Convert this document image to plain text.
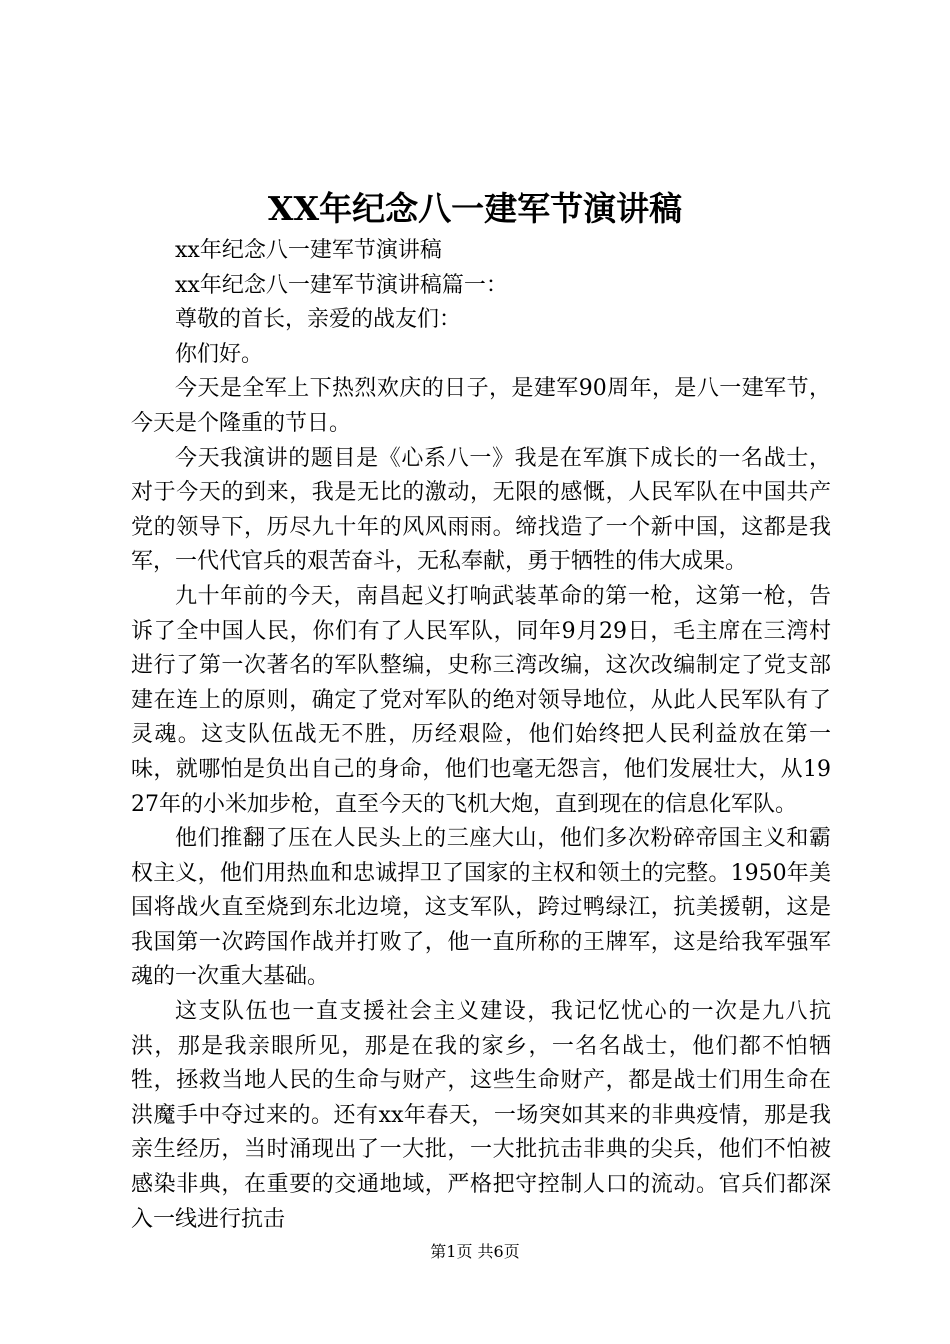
XX年纪念八一建军节演讲稿

xx年纪念八一建军节演讲稿

xx年纪念八一建军节演讲稿篇一：

尊敬的首长，亲爱的战友们：

你们好。

今天是全军上下热烈欢庆的日子，是建军90周年，是八一建军节，今天是个隆重的节日。

今天我演讲的题目是《心系八一》我是在军旗下成长的一名战士，对于今天的到来，我是无比的激动，无限的感慨，人民军队在中国共产党的领导下，历尽九十年的风风雨雨。缔找造了一个新中国，这都是我军，一代代官兵的艰苦奋斗，无私奉献，勇于牺牲的伟大成果。

九十年前的今天，南昌起义打响武装革命的第一枪，这第一枪，告诉了全中国人民，你们有了人民军队，同年9月29日，毛主席在三湾村进行了第一次著名的军队整编，史称三湾改编，这次改编制定了党支部建在连上的原则，确定了党对军队的绝对领导地位，从此人民军队有了灵魂。这支队伍战无不胜，历经艰险，他们始终把人民利益放在第一味，就哪怕是负出自己的身命，他们也毫无怨言，他们发展壮大，从1927年的小米加步枪，直至今天的飞机大炮，直到现在的信息化军队。

他们推翻了压在人民头上的三座大山，他们多次粉碎帝国主义和霸权主义，他们用热血和忠诚捍卫了国家的主权和领土的完整。1950年美国将战火直至烧到东北边境，这支军队，跨过鸭绿江，抗美援朝，这是我国第一次跨国作战并打败了，他一直所称的王牌军，这是给我军强军魂的一次重大基础。

这支队伍也一直支援社会主义建设，我记忆忧心的一次是九八抗洪，那是我亲眼所见，那是在我的家乡，一名名战士，他们都不怕牺牲，拯救当地人民的生命与财产，这些生命财产，都是战士们用生命在洪魔手中夺过来的。还有xx年春天，一场突如其来的非典疫情，那是我亲生经历，当时涌现出了一大批，一大批抗击非典的尖兵，他们不怕被感染非典，在重要的交通地域，严格把守控制人口的流动。官兵们都深入一线进行抗击

第1页 共6页
